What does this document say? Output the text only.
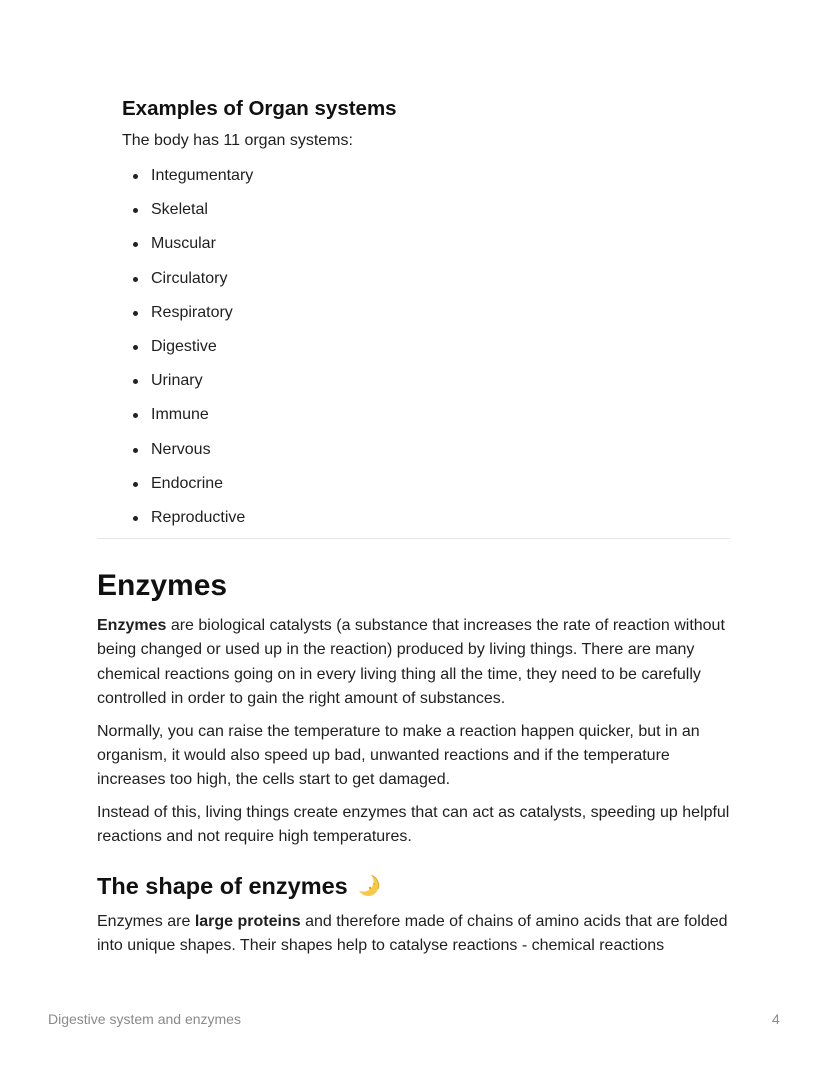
Examples of Organ systems

The body has 11 organ systems:

Integumentary
Skeletal
Muscular
Circulatory
Respiratory
Digestive
Urinary
Immune
Nervous
Endocrine
Reproductive
Enzymes

Enzymes are biological catalysts (a substance that increases the rate of reaction without being changed or used up in the reaction) produced by living things. There are many chemical reactions going on in every living thing all the time, they need to be carefully controlled in order to gain the right amount of substances.

Normally, you can raise the temperature to make a reaction happen quicker, but in an organism, it would also speed up bad, unwanted reactions and if the temperature increases too high, the cells start to get damaged.

Instead of this, living things create enzymes that can act as catalysts, speeding up helpful reactions and not require high temperatures.

The shape of enzymes

Enzymes are large proteins and therefore made of chains of amino acids that are folded into unique shapes. Their shapes help to catalyse reactions - chemical reactions

Digestive system and enzymes	4
